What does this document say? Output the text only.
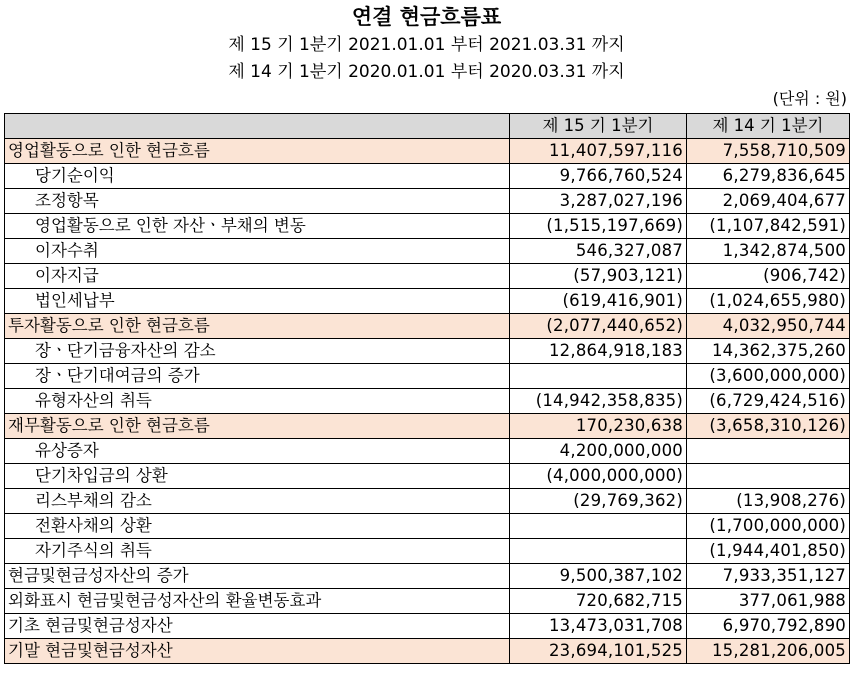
연결 현금흐름표
제 15 기 1분기 2021.01.01 부터 2021.03.31 까지
제 14 기 1분기 2020.01.01 부터 2020.03.31 까지
(단위 : 원)
	제 15 기 1분기	제 14 기 1분기
영업활동으로 인한 현금흐름	11,407,597,116	7,558,710,509
당기순이익	9,766,760,524	6,279,836,645
조정항목	3,287,027,196	2,069,404,677
영업활동으로 인한 자산ㆍ부채의 변동	(1,515,197,669)	(1,107,842,591)
이자수취	546,327,087	1,342,874,500
이자지급	(57,903,121)	(906,742)
법인세납부	(619,416,901)	(1,024,655,980)
투자활동으로 인한 현금흐름	(2,077,440,652)	4,032,950,744
장ㆍ단기금융자산의 감소	12,864,918,183	14,362,375,260
장ㆍ단기대여금의 증가		(3,600,000,000)
유형자산의 취득	(14,942,358,835)	(6,729,424,516)
재무활동으로 인한 현금흐름	170,230,638	(3,658,310,126)
유상증자	4,200,000,000	
단기차입금의 상환	(4,000,000,000)	
리스부채의 감소	(29,769,362)	(13,908,276)
전환사채의 상환		(1,700,000,000)
자기주식의 취득		(1,944,401,850)
현금및현금성자산의 증가	9,500,387,102	7,933,351,127
외화표시 현금및현금성자산의 환율변동효과	720,682,715	377,061,988
기초 현금및현금성자산	13,473,031,708	6,970,792,890
기말 현금및현금성자산	23,694,101,525	15,281,206,005
